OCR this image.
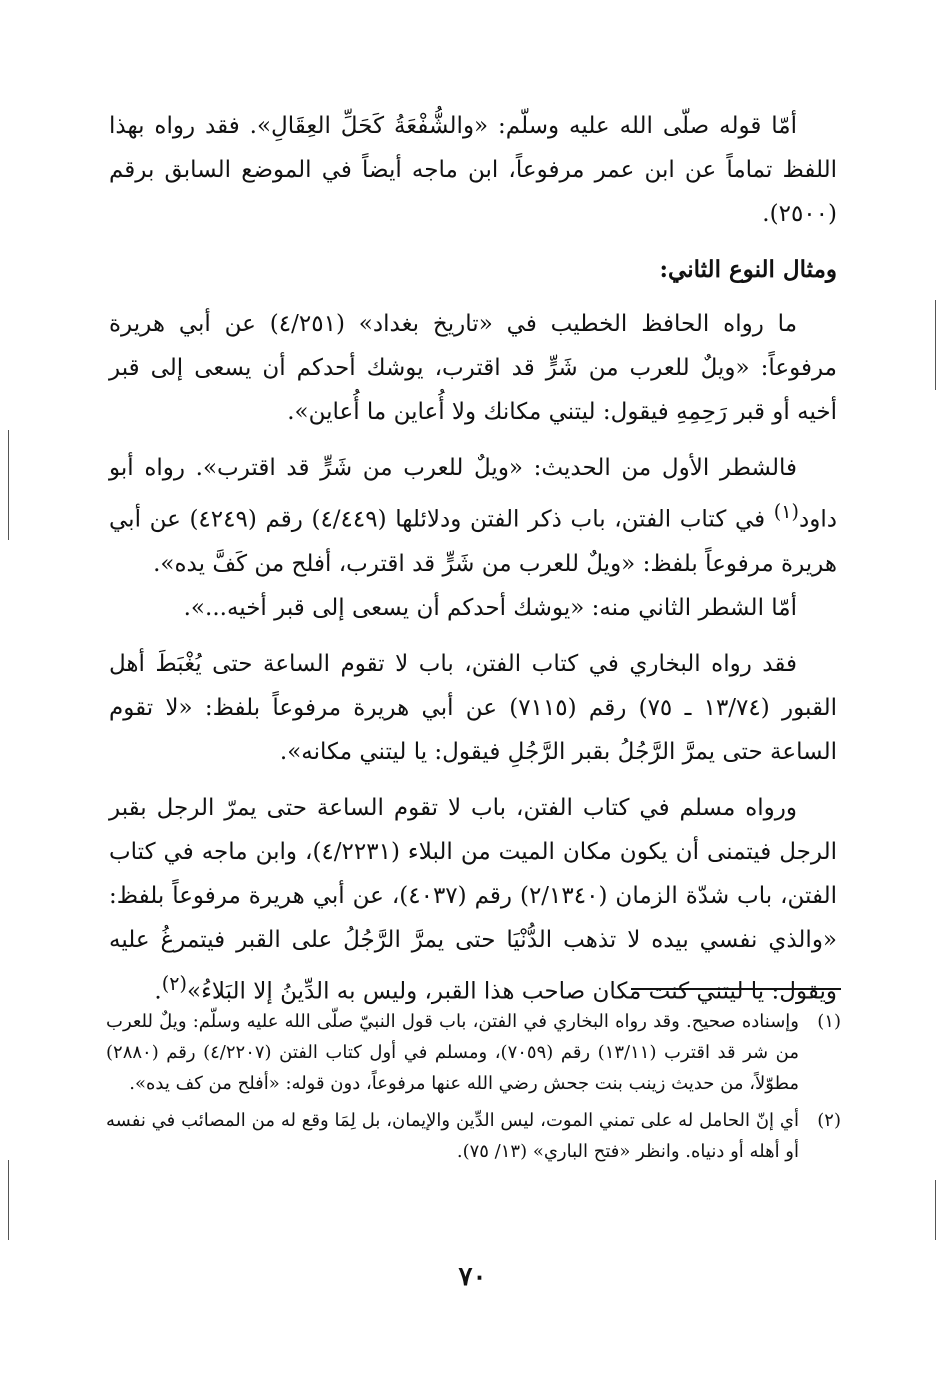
أمّا قوله صلّى الله عليه وسلّم: «والشُّفْعَةُ كَحَلِّ العِقَالِ». فقد رواه بهذا اللفظ تماماً عن ابن عمر مرفوعاً، ابن ماجه أيضاً في الموضع السابق برقم (٢٥٠٠).

ومثال النوع الثاني:

ما رواه الحافظ الخطيب في «تاريخ بغداد» (٤/٢٥١) عن أبي هريرة مرفوعاً: «ويلٌ للعرب من شَرٍّ قد اقترب، يوشك أحدكم أن يسعى إلى قبر أخيه أو قبر رَحِمِهِ فيقول: ليتني مكانك ولا أُعاين ما أُعاين».

فالشطر الأول من الحديث: «ويلٌ للعرب من شَرٍّ قد اقترب». رواه أبو داود$^{(١)}$ في كتاب الفتن، باب ذكر الفتن ودلائلها (٤/٤٤٩) رقم (٤٢٤٩) عن أبي هريرة مرفوعاً بلفظ: «ويلٌ للعرب من شَرٍّ قد اقترب، أفلح من كَفَّ يده».

أمّا الشطر الثاني منه: «يوشك أحدكم أن يسعى إلى قبر أخيه...».

فقد رواه البخاري في كتاب الفتن، باب لا تقوم الساعة حتى يُغْبَطَ أهل القبور (١٣/٧٤ ـ ٧٥) رقم (٧١١٥) عن أبي هريرة مرفوعاً بلفظ: «لا تقوم الساعة حتى يمرَّ الرَّجُلُ بقبر الرَّجُلِ فيقول: يا ليتني مكانه».

ورواه مسلم في كتاب الفتن، باب لا تقوم الساعة حتى يمرّ الرجل بقبر الرجل فيتمنى أن يكون مكان الميت من البلاء (٤/٢٢٣١)، وابن ماجه في كتاب الفتن، باب شدّة الزمان (٢/١٣٤٠) رقم (٤٠٣٧)، عن أبي هريرة مرفوعاً بلفظ: «والذي نفسي بيده لا تذهب الدُّنْيَا حتى يمرَّ الرَّجُلُ على القبر فيتمرغُ عليه ويقول: يا ليتني كنت مكان صاحب هذا القبر، وليس به الدِّينُ إلا البَلاءُ»$^{(٢)}$.

(١)
وإسناده صحيح. وقد رواه البخاري في الفتن، باب قول النبيّ صلّى الله عليه وسلّم: ويلٌ للعرب من شر قد اقترب (١٣/١١) رقم (٧٠٥٩)، ومسلم في أول كتاب الفتن (٤/٢٢٠٧) رقم (٢٨٨٠) مطوّلاً، من حديث زينب بنت جحش رضي الله عنها مرفوعاً، دون قوله: «أفلح من كف يده».
(٢)
أي إنّ الحامل له على تمني الموت، ليس الدِّين والإيمان، بل لِمَا وقع له من المصائب في نفسه أو أهله أو دنياه. وانظر «فتح الباري» (١٣/ ٧٥).
٧٠
